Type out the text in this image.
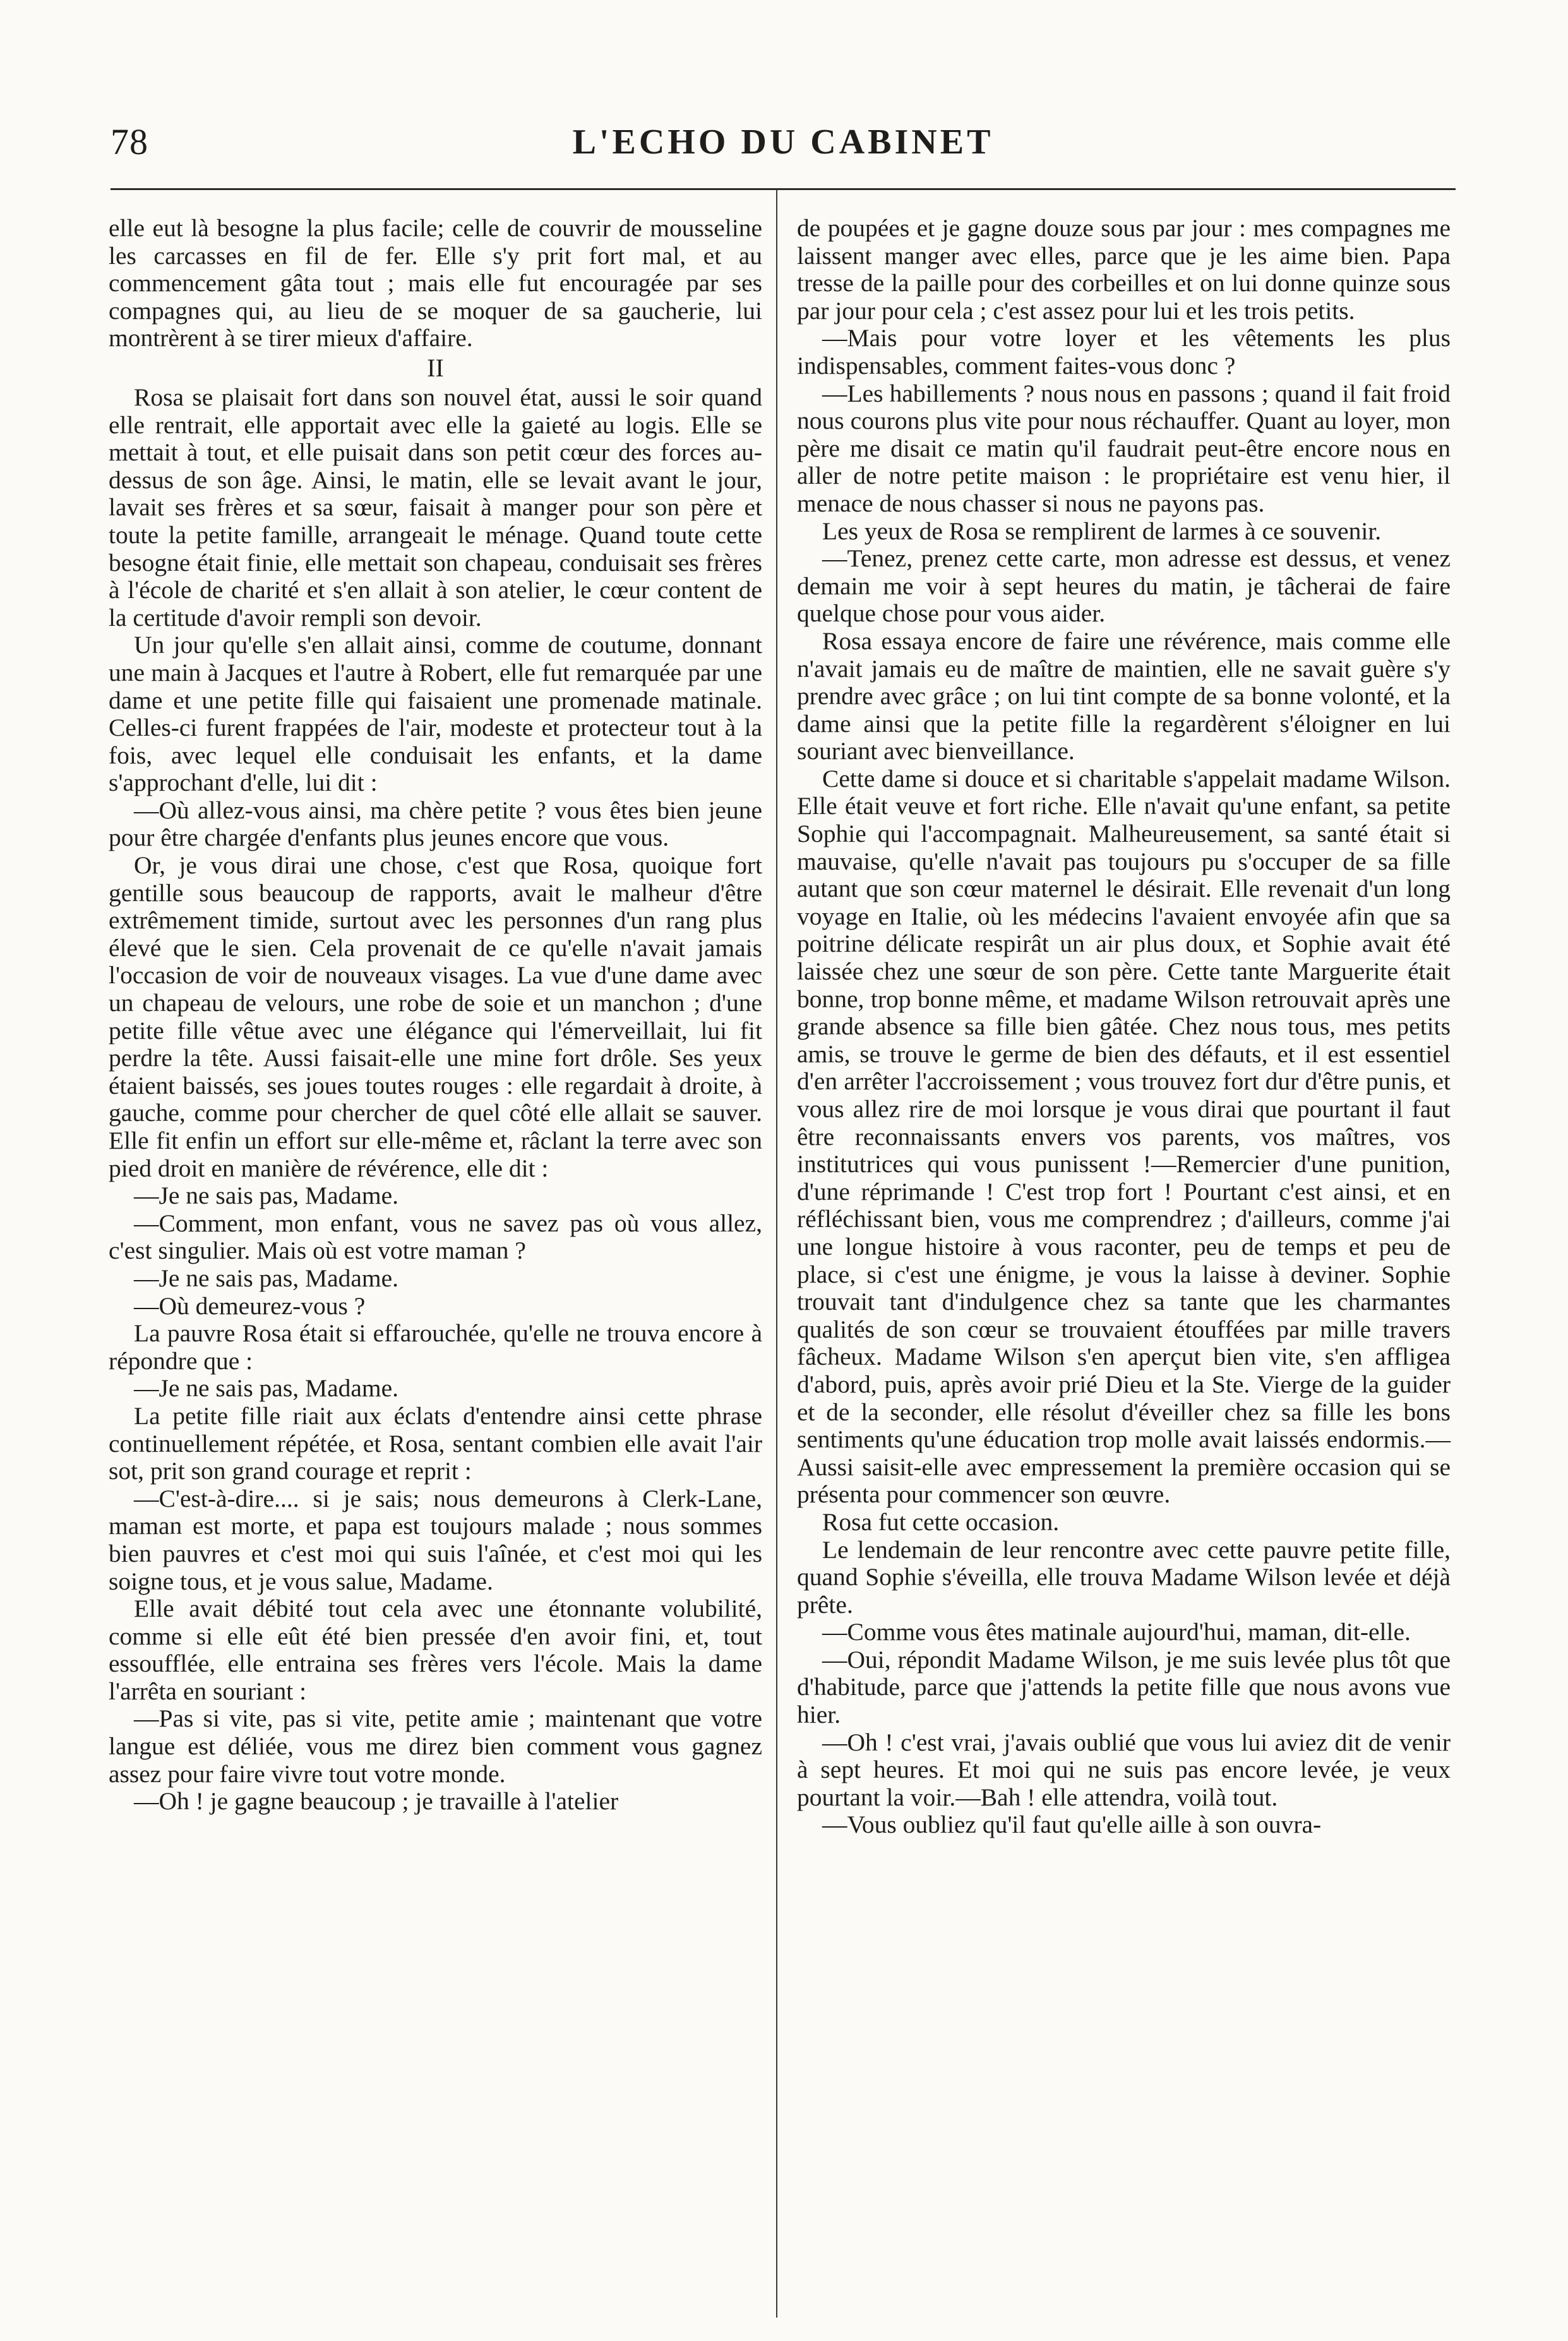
78	L'ECHO DU CABINET

elle eut là besogne la plus facile; celle de couvrir de mousseline les carcasses en fil de fer. Elle s'y prit fort mal, et au commencement gâta tout ; mais elle fut encouragée par ses compagnes qui, au lieu de se moquer de sa gaucherie, lui montrèrent à se tirer mieux d'affaire.

II

Rosa se plaisait fort dans son nouvel état, aussi le soir quand elle rentrait, elle apportait avec elle la gaieté au logis. Elle se mettait à tout, et elle puisait dans son petit cœur des forces au-dessus de son âge. Ainsi, le matin, elle se levait avant le jour, lavait ses frères et sa sœur, faisait à manger pour son père et toute la petite famille, arrangeait le ménage. Quand toute cette besogne était finie, elle mettait son chapeau, conduisait ses frères à l'école de charité et s'en allait à son atelier, le cœur content de la certitude d'avoir rempli son devoir.

Un jour qu'elle s'en allait ainsi, comme de coutume, donnant une main à Jacques et l'autre à Robert, elle fut remarquée par une dame et une petite fille qui faisaient une promenade matinale. Celles-ci furent frappées de l'air, modeste et protecteur tout à la fois, avec lequel elle conduisait les enfants, et la dame s'approchant d'elle, lui dit :

—Où allez-vous ainsi, ma chère petite ? vous êtes bien jeune pour être chargée d'enfants plus jeunes encore que vous.

Or, je vous dirai une chose, c'est que Rosa, quoique fort gentille sous beaucoup de rapports, avait le malheur d'être extrêmement timide, surtout avec les personnes d'un rang plus élevé que le sien. Cela provenait de ce qu'elle n'avait jamais l'occasion de voir de nouveaux visages. La vue d'une dame avec un chapeau de velours, une robe de soie et un manchon ; d'une petite fille vêtue avec une élégance qui l'émerveillait, lui fit perdre la tête. Aussi faisait-elle une mine fort drôle. Ses yeux étaient baissés, ses joues toutes rouges : elle regardait à droite, à gauche, comme pour chercher de quel côté elle allait se sauver. Elle fit enfin un effort sur elle-même et, râclant la terre avec son pied droit en manière de révérence, elle dit :

—Je ne sais pas, Madame.

—Comment, mon enfant, vous ne savez pas où vous allez, c'est singulier. Mais où est votre maman ?

—Je ne sais pas, Madame.

—Où demeurez-vous ?

La pauvre Rosa était si effarouchée, qu'elle ne trouva encore à répondre que :

—Je ne sais pas, Madame.

La petite fille riait aux éclats d'entendre ainsi cette phrase continuellement répétée, et Rosa, sentant combien elle avait l'air sot, prit son grand courage et reprit :

—C'est-à-dire.... si je sais; nous demeurons à Clerk-Lane, maman est morte, et papa est toujours malade ; nous sommes bien pauvres et c'est moi qui suis l'aînée, et c'est moi qui les soigne tous, et je vous salue, Madame.

Elle avait débité tout cela avec une étonnante volubilité, comme si elle eût été bien pressée d'en avoir fini, et, tout essoufflée, elle entraina ses frères vers l'école. Mais la dame l'arrêta en souriant :

—Pas si vite, pas si vite, petite amie ; maintenant que votre langue est déliée, vous me direz bien comment vous gagnez assez pour faire vivre tout votre monde.

—Oh ! je gagne beaucoup ; je travaille à l'atelier

de poupées et je gagne douze sous par jour : mes compagnes me laissent manger avec elles, parce que je les aime bien. Papa tresse de la paille pour des corbeilles et on lui donne quinze sous par jour pour cela ; c'est assez pour lui et les trois petits.

—Mais pour votre loyer et les vêtements les plus indispensables, comment faites-vous donc ?

—Les habillements ? nous nous en passons ; quand il fait froid nous courons plus vite pour nous réchauffer. Quant au loyer, mon père me disait ce matin qu'il faudrait peut-être encore nous en aller de notre petite maison : le propriétaire est venu hier, il menace de nous chasser si nous ne payons pas.

Les yeux de Rosa se remplirent de larmes à ce souvenir.

—Tenez, prenez cette carte, mon adresse est dessus, et venez demain me voir à sept heures du matin, je tâcherai de faire quelque chose pour vous aider.

Rosa essaya encore de faire une révérence, mais comme elle n'avait jamais eu de maître de maintien, elle ne savait guère s'y prendre avec grâce ; on lui tint compte de sa bonne volonté, et la dame ainsi que la petite fille la regardèrent s'éloigner en lui souriant avec bienveillance.

Cette dame si douce et si charitable s'appelait madame Wilson. Elle était veuve et fort riche. Elle n'avait qu'une enfant, sa petite Sophie qui l'accompagnait. Malheureusement, sa santé était si mauvaise, qu'elle n'avait pas toujours pu s'occuper de sa fille autant que son cœur maternel le désirait. Elle revenait d'un long voyage en Italie, où les médecins l'avaient envoyée afin que sa poitrine délicate respirât un air plus doux, et Sophie avait été laissée chez une sœur de son père. Cette tante Marguerite était bonne, trop bonne même, et madame Wilson retrouvait après une grande absence sa fille bien gâtée. Chez nous tous, mes petits amis, se trouve le germe de bien des défauts, et il est essentiel d'en arrêter l'accroissement ; vous trouvez fort dur d'être punis, et vous allez rire de moi lorsque je vous dirai que pourtant il faut être reconnaissants envers vos parents, vos maîtres, vos institutrices qui vous punissent !—Remercier d'une punition, d'une réprimande ! C'est trop fort ! Pourtant c'est ainsi, et en réfléchissant bien, vous me comprendrez ; d'ailleurs, comme j'ai une longue histoire à vous raconter, peu de temps et peu de place, si c'est une énigme, je vous la laisse à deviner. Sophie trouvait tant d'indulgence chez sa tante que les charmantes qualités de son cœur se trouvaient étouffées par mille travers fâcheux. Madame Wilson s'en aperçut bien vite, s'en affligea d'abord, puis, après avoir prié Dieu et la Ste. Vierge de la guider et de la seconder, elle résolut d'éveiller chez sa fille les bons sentiments qu'une éducation trop molle avait laissés endormis.—Aussi saisit-elle avec empressement la première occasion qui se présenta pour commencer son œuvre.

Rosa fut cette occasion.

Le lendemain de leur rencontre avec cette pauvre petite fille, quand Sophie s'éveilla, elle trouva Madame Wilson levée et déjà prête.

—Comme vous êtes matinale aujourd'hui, maman, dit-elle.

—Oui, répondit Madame Wilson, je me suis levée plus tôt que d'habitude, parce que j'attends la petite fille que nous avons vue hier.

—Oh ! c'est vrai, j'avais oublié que vous lui aviez dit de venir à sept heures. Et moi qui ne suis pas encore levée, je veux pourtant la voir.—Bah ! elle attendra, voilà tout.

—Vous oubliez qu'il faut qu'elle aille à son ouvra-
